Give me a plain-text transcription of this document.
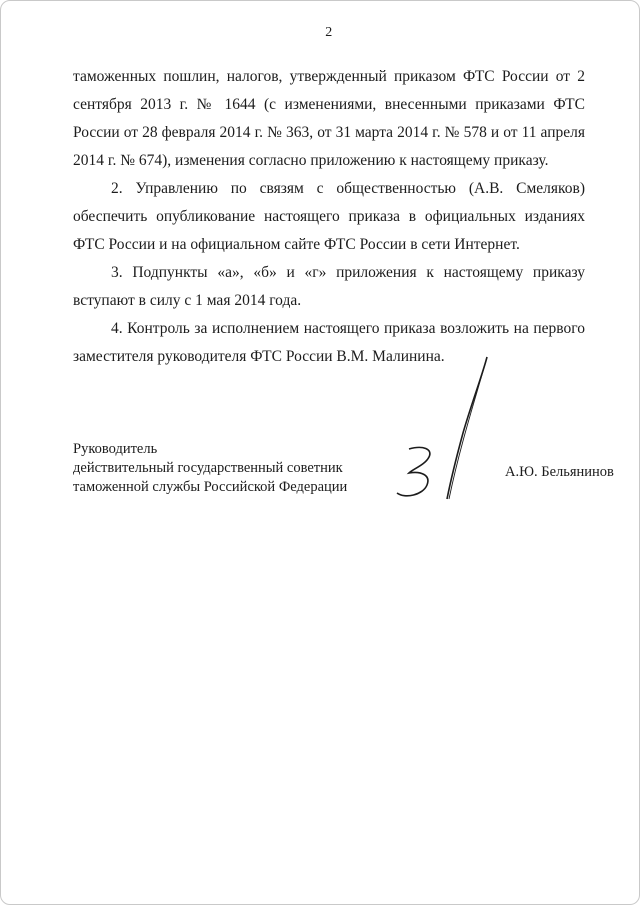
2

таможенных пошлин, налогов, утвержденный приказом ФТС России от 2 сентября 2013 г. № 1644 (с изменениями, внесенными приказами ФТС России от 28 февраля 2014 г. № 363, от 31 марта 2014 г. № 578 и от 11 апреля 2014 г. № 674), изменения согласно приложению к настоящему приказу.

2. Управлению по связям с общественностью (А.В. Смеляков) обеспечить опубликование настоящего приказа в официальных изданиях ФТС России и на официальном сайте ФТС России в сети Интернет.

3. Подпункты «а», «б» и «г» приложения к настоящему приказу вступают в силу с 1 мая 2014 года.

4. Контроль за исполнением настоящего приказа возложить на первого заместителя руководителя ФТС России В.М. Малинина.

Руководитель
действительный государственный советник
таможенной службы Российской Федерации
А.Ю. Бельянинов
